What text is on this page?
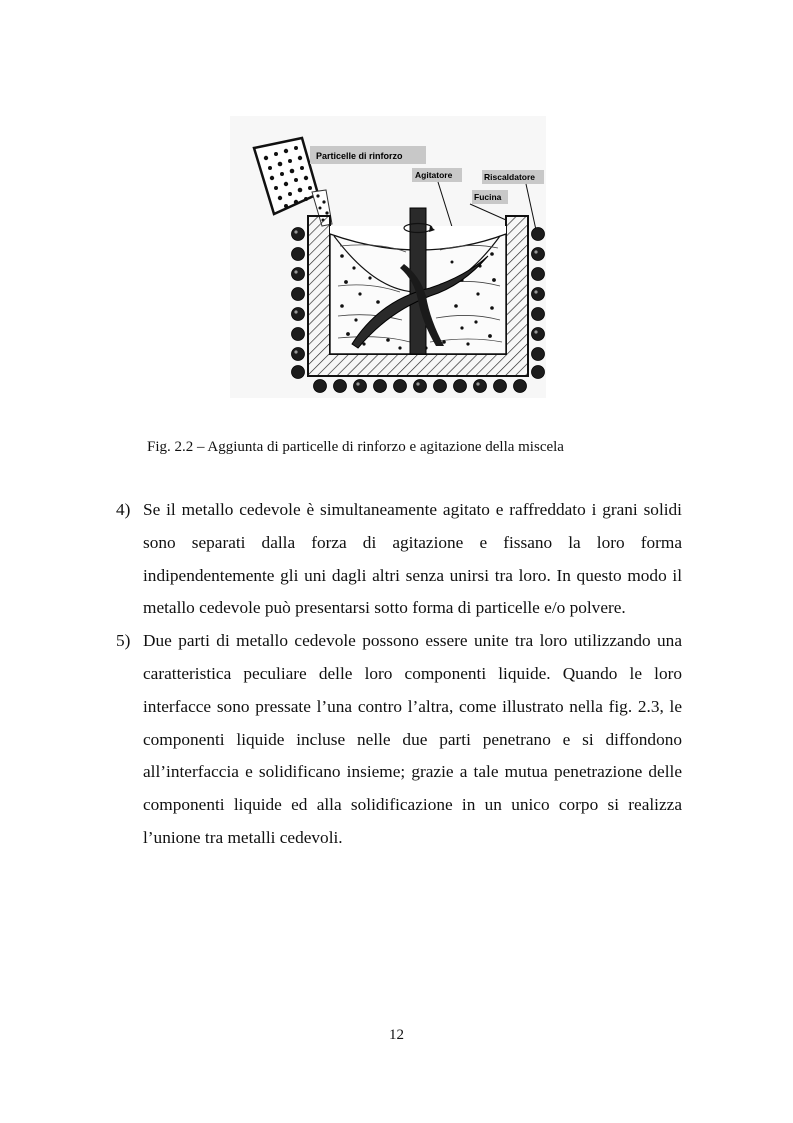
Particelle di rinforzo
Agitatore	Riscaldatore
Fucina
Fig. 2.2 – Aggiunta di particelle di rinforzo e agitazione della miscela
4) Se il metallo cedevole è simultaneamente agitato e raffreddato i grani solidi sono separati dalla forza di agitazione e fissano la loro forma indipendentemente gli uni dagli altri senza unirsi tra loro. In questo modo il metallo cedevole può presentarsi sotto forma di particelle e/o polvere.
5) Due parti di metallo cedevole possono essere unite tra loro utilizzando una caratteristica peculiare delle loro componenti liquide. Quando le loro interfacce sono pressate l’una contro l’altra, come illustrato nella fig. 2.3, le componenti liquide incluse nelle due parti penetrano e si diffondono all’interfaccia e solidificano insieme; grazie a tale mutua penetrazione delle componenti liquide ed alla solidificazione in un unico corpo si realizza l’unione tra metalli cedevoli.
12
